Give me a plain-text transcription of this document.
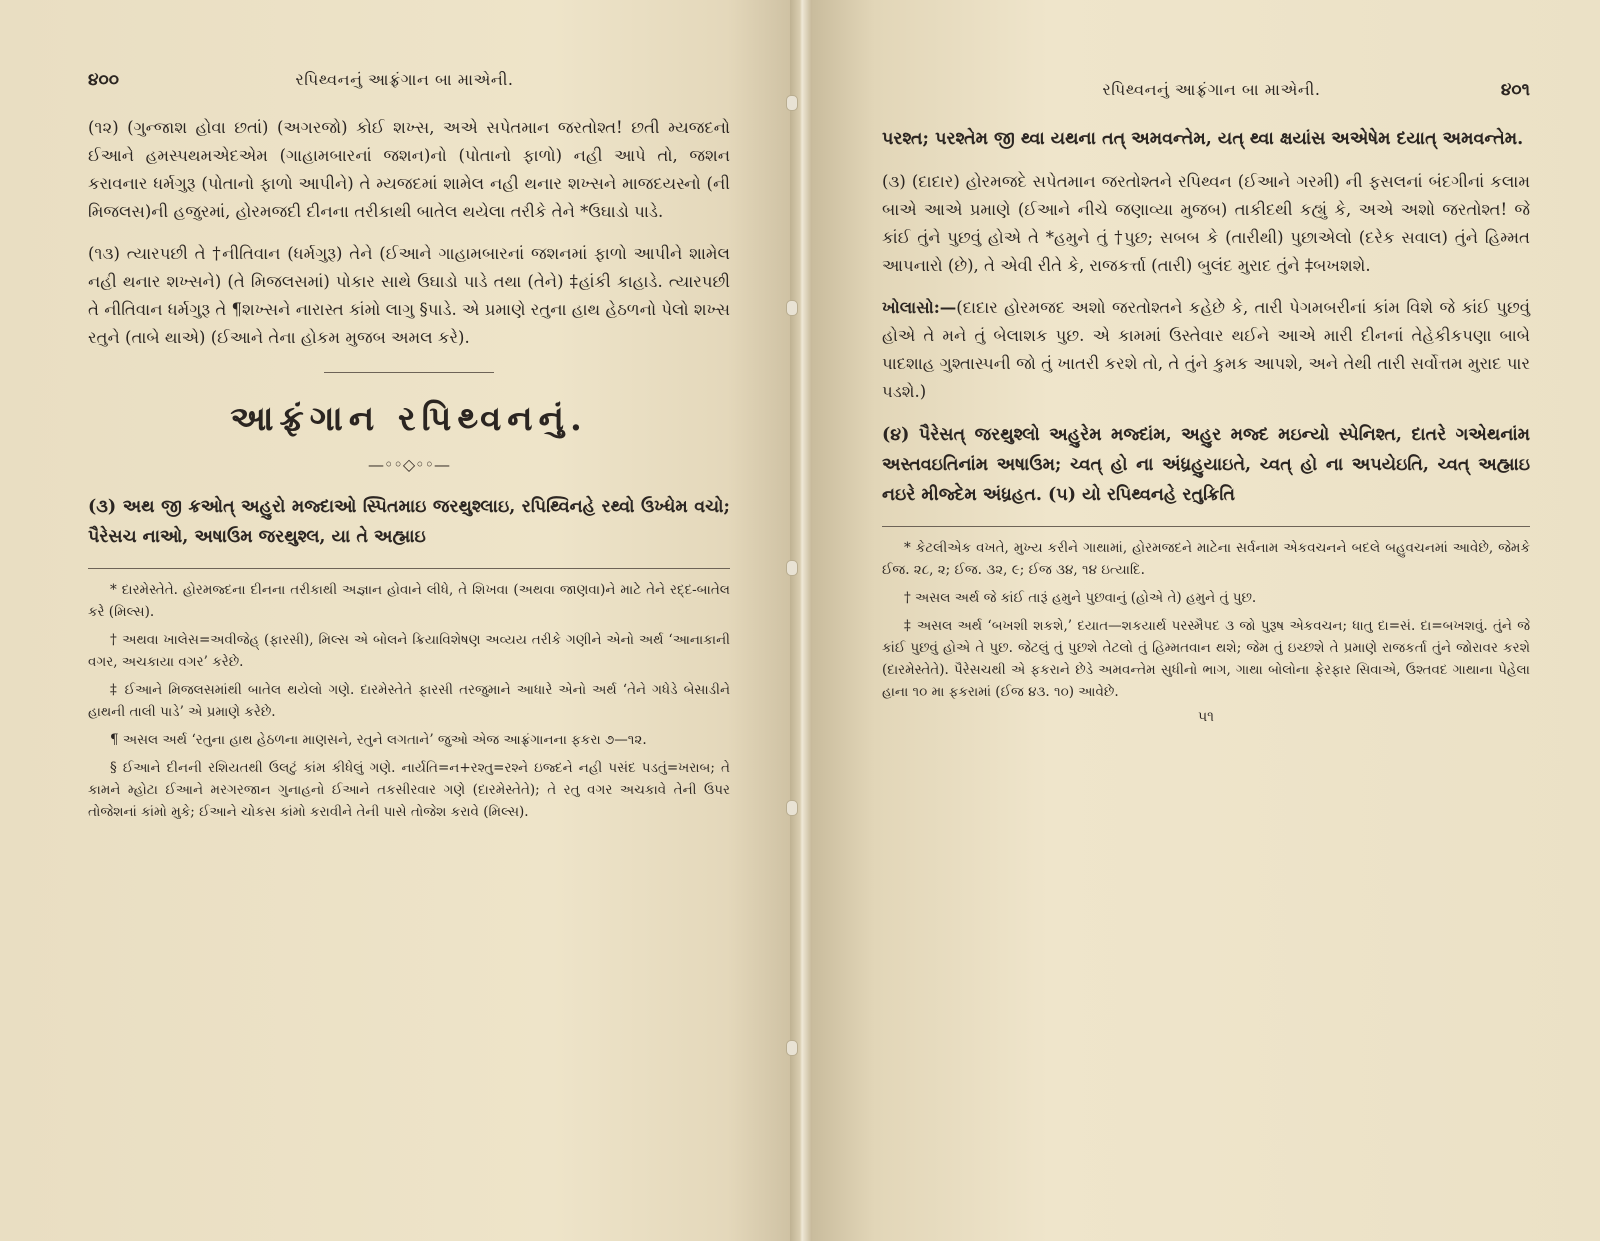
૪૦૦	રપિથ્વનનું આફ્રંગાન બા માએની.

(૧૨) (ગુન્જાશ હોવા છતાં) (અગરજો) કોઈ શખ્સ, અએ સપેતમાન જરતોશ્ત! છતી મ્યજદનો ઈઆને હમસ્પથમએદએમ (ગાહામબારનાં જશન)નો (પોતાનો ફાળો) નહી આપે તો, જશન કરાવનાર ધર્મગુરૂ (પોતાનો ફાળો આપીને) તે મ્યજદમાં શામેલ નહી થનાર શખ્સને માજદયસ્નો (ની મિજલસ)ની હજુરમાં, હોરમજદી દીનના તરીકાથી બાતેલ થયેલા તરીકે તેને *ઉઘાડો પાડે.

(૧૩) ત્યારપછી તે †નીતિવાન (ધર્મગુરૂ) તેને (ઈઆને ગાહામબારનાં જશનમાં ફાળો આપીને શામેલ નહી થનાર શખ્સને) (તે મિજલસમાં) પોકાર સાથે ઉઘાડો પાડે તથા (તેને) ‡હાંકી કાહાડે. ત્યારપછી તે નીતિવાન ધર્મગુરૂ તે ¶શખ્સને નારાસ્ત કાંમો લાગુ §પાડે. એ પ્રમાણે રતુના હાથ હેઠળનો પેલો શખ્સ રતુને (તાબે થાએ) (ઈઆને તેના હોકમ મુજબ અમલ કરે).

આફ્રંગાન રપિથ્વનનું.
—◦◦◇◦◦—

(૩) અથ જી ક્રઓત્ અહુરો મજ્દાઓ સ્પિતમાઇ જરથુશ્લાઇ, રપિથ્વિનહે રથ્વો ઉખ્ધેમ વચો; પૈરેસચ નાઓ, અષાઉમ જરથુશ્લ, યા તે અહ્માઇ

* દારમેસ્તેતે. હોરમજ્દના દીનના તરીકાથી અજ્ઞાન હોવાને લીધે, તે શિખવા (અથવા જાણવા)ને માટે તેને રદ્દ-બાતેલ કરે (મિલ્સ).
† અથવા ખાલેસ=અવીજેહ્ (ફારસી), મિલ્સ એ બોલને ક્રિયાવિશેષણ અવ્યય તરીકે ગણીને એનો અર્થ ‘આનાકાની વગર, અચકાયા વગર’ કરેછે.
‡ ઈઆને મિજલસમાંથી બાતેલ થયેલો ગણે. દારમેસ્તેતે ફારસી તરજુમાને આધારે એનો અર્થ ‘તેને ગધેડે બેસાડીને હાથની તાલી પાડે’ એ પ્રમાણે કરેછે.
¶ અસલ અર્થ ‘રતુના હાથ હેઠળના માણસને, રતુને લગતાને’ જુઓ એજ આફ્રંગાનના ફકરા ૭—૧૨.
§ ઈઆને દીનની રશિયતથી ઉલટું કાંમ કીધેલું ગણે. નાર્યતિ=ન+રશ્તુ=રશ્ને ઇજ્દને નહી પસંદ પડતું=ખરાબ; તે કામને મ્હોટા ઈઆને મરગરજાન ગુનાહનો ઈઆને તકસીરવાર ગણે (દારમેસ્તેતે); તે રતુ વગર અચકાવે તેની ઉપર તોજેશનાં કાંમો મુકે; ઈઆને ચોકસ કાંમો કરાવીને તેની પાસે તોજેશ કરાવે (મિલ્સ).
રપિથ્વનનું આફ્રંગાન બા માએની.	૪૦૧

પરશ્ત; પરશ્તેમ જી થ્વા યથના તત્ અમવન્તેમ, યત્ થ્વા ક્ષયાંસ અએષેમ દયાત્ અમવન્તેમ.

(૩) (દાદાર) હોરમજદે સપેતમાન જરતોશ્તને રપિથ્વન (ઈઆને ગરમી) ની ફસલનાં બંદગીનાં કલામ બાએ આએ પ્રમાણે (ઈઆને નીચે જણાવ્યા મુજબ) તાકીદથી કહ્યું કે, અએ અશો જરતોશ્ત! જે કાંઈ તુંને પુછવું હોએ તે *હમુને તું †પુછ; સબબ કે (તારીથી) પુછાએલો (દરેક સવાલ) તુંને હિમ્મત આપનારો (છે), તે એવી રીતે કે, રાજકર્ત્તા (તારી) બુલંદ મુરાદ તુંને ‡બખશશે.

ખોલાસો:—(દાદાર હોરમજદ અશો જરતોશ્તને કહેછે કે, તારી પેગમબરીનાં કાંમ વિશે જે કાંઈ પુછવું હોએ તે મને તું બેલાશક પુછ. એ કામમાં ઉસ્તેવાર થઈને આએ મારી દીનનાં તેહેકીકપણા બાબે પાદશાહ ગુશ્તાસ્પની જો તું ખાતરી કરશે તો, તે તુંને કુમક આપશે, અને તેથી તારી સર્વોત્તમ મુરાદ પાર પડશે.)

(૪) પૈરેસત્ જરથુશ્લો અહુરેમ મજ્દાંમ, અહુર મજ્દ મઇન્યો સ્પેનિશ્ત, દાતરે ગએથનાંમ અસ્તવઇતિનાંમ અષાઉમ; ચ્વત્ હો ના અંધ્રહુયાઇતે, ચ્વત્ હો ના અપયેઇતિ, ચ્વત્ અહ્માઇ નઇરે મીજ્દેમ અંધ્રહત. (૫) યો રપિથ્વનહે રતુક્રિતિ

* કેટલીએક વખતે, મુખ્ય કરીને ગાથામાં, હોરમજદને માટેના સર્વનામ એકવચનને બદલે બહુવચનમાં આવેછે, જેમકે ઈજ. ૨૮, ૨; ઈજ. ૩૨, ૯; ઈજ ૩૪, ૧૪ ઇત્યાદિ.
† અસલ અર્થ જે કાંઈ તારૂં હમુને પુછવાનું (હોએ તે) હમુને તું પુછ.
‡ અસલ અર્થ ‘બખશી શકશે,’ દયાત—શકયાર્થ પરસ્મૈપદ ૩ જો પુરૂષ એકવચન; ધાતુ દા=સં. દા=બખશવું. તુંને જે કાંઈ પુછવું હોએ તે પુછ. જેટલું તું પુછશે તેટલો તું હિમ્મતવાન થશે; જેમ તું ઇચ્છશે તે પ્રમાણે રાજકર્તા તુંને જોરાવર કરશે (દારમેસ્તેતે). પૈરેસચથી એ ફકરાને છેડે અમવન્તેમ સુધીનો ભાગ, ગાથા બોલોના ફેરફાર સિવાએ, ઉશ્તવદ ગાથાના પેહેલા હાના ૧૦ મા ફકરામાં (ઈજ ૪૩. ૧૦) આવેછે.
૫૧
